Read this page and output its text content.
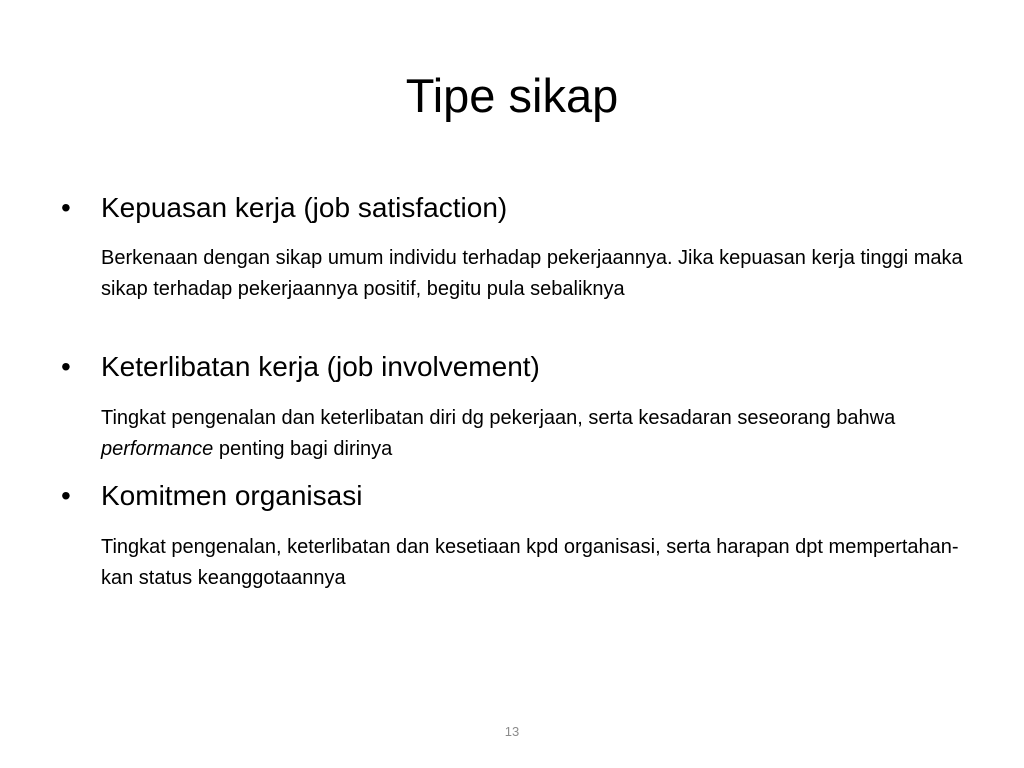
Tipe sikap
• Kepuasan kerja (job satisfaction)

Berkenaan dengan sikap umum individu terhadap pekerjaannya. Jika kepuasan kerja tinggi maka sikap terhadap pekerjaannya positif, begitu pula sebaliknya

• Keterlibatan kerja (job involvement)

Tingkat pengenalan dan keterlibatan diri dg pekerjaan, serta kesadaran seseorang bahwa performance penting bagi dirinya

• Komitmen organisasi

Tingkat pengenalan, keterlibatan dan kesetiaan kpd organisasi, serta harapan dpt mempertahan-kan status keanggotaannya

13
